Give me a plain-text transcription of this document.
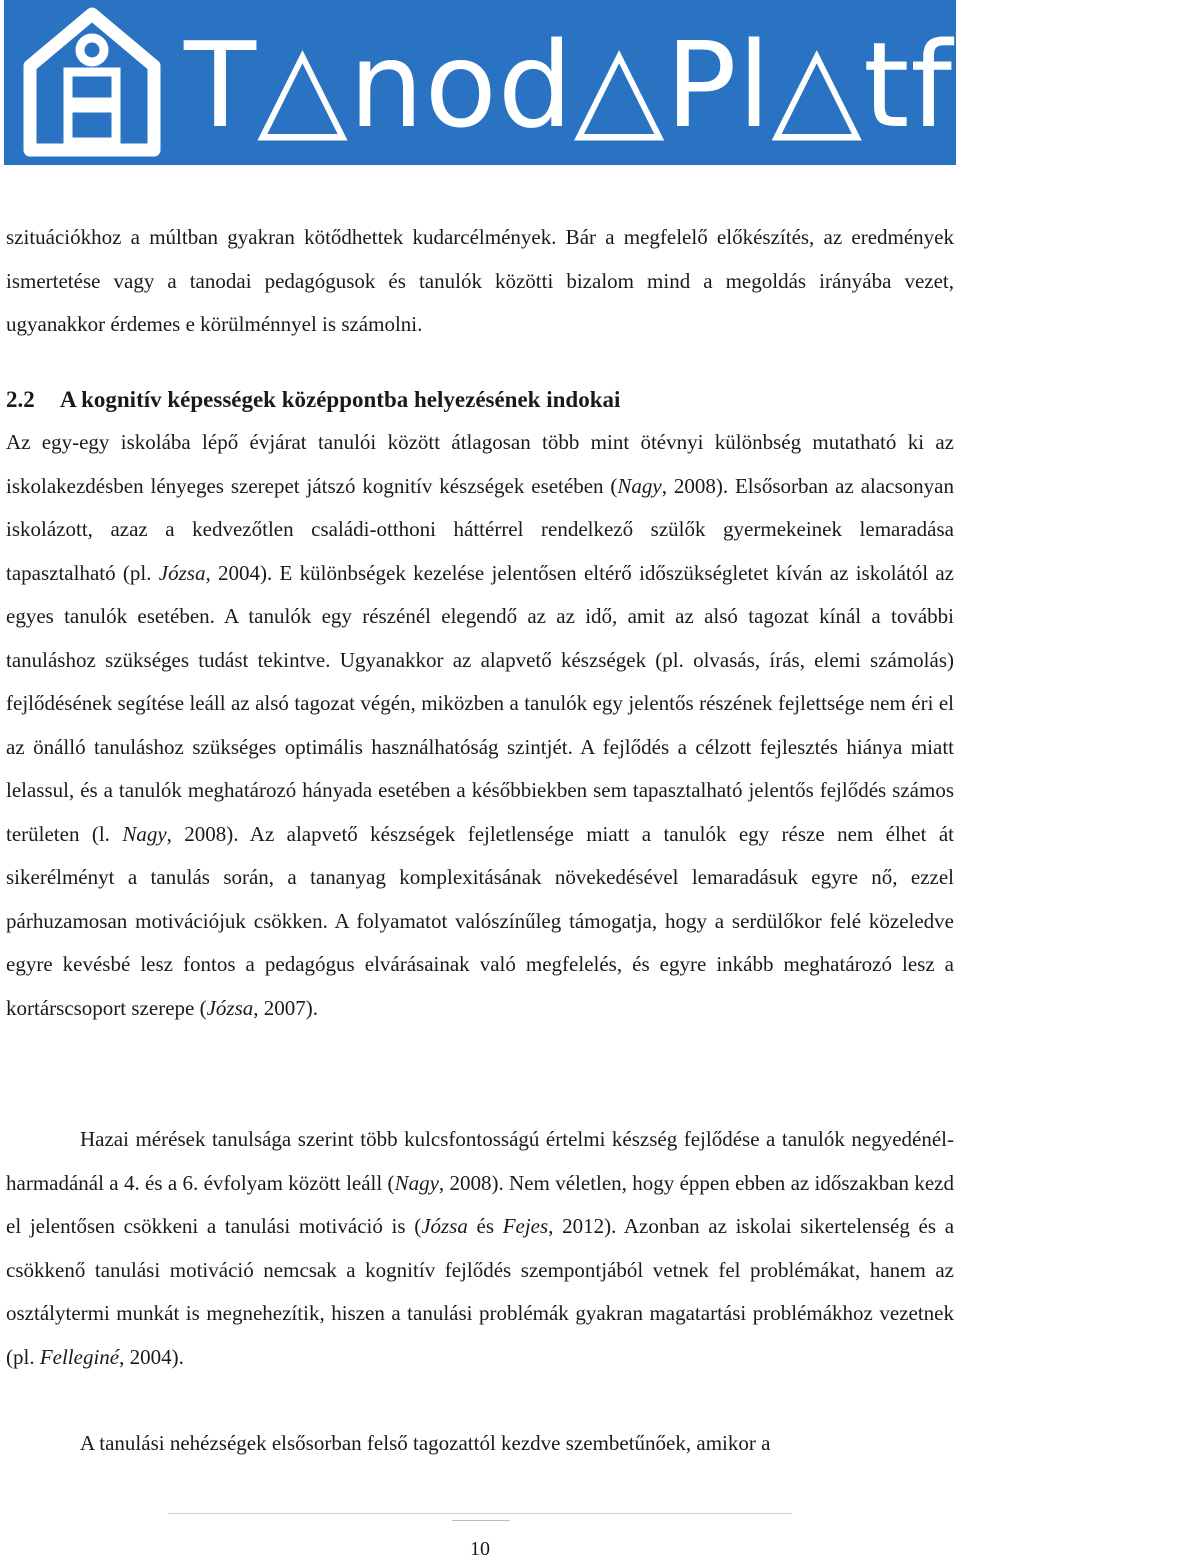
T△nod△Pl△tform

szituációkhoz a múltban gyakran kötődhettek kudarcélmények. Bár a megfelelő előkészítés, az eredmények ismertetése vagy a tanodai pedagógusok és tanulók közötti bizalom mind a megoldás irányába vezet, ugyanakkor érdemes e körülménnyel is számolni.

2.2 A kognitív képességek középpontba helyezésének indokai

Az egy-egy iskolába lépő évjárat tanulói között átlagosan több mint ötévnyi különbség mutatható ki az iskolakezdésben lényeges szerepet játszó kognitív készségek esetében (Nagy, 2008). Elsősorban az alacsonyan iskolázott, azaz a kedvezőtlen családi-otthoni háttérrel rendelkező szülők gyermekeinek lemaradása tapasztalható (pl. Józsa, 2004). E különbségek kezelése jelentősen eltérő időszükségletet kíván az iskolától az egyes tanulók esetében. A tanulók egy részénél elegendő az az idő, amit az alsó tagozat kínál a további tanuláshoz szükséges tudást tekintve. Ugyanakkor az alapvető készségek (pl. olvasás, írás, elemi számolás) fejlődésének segítése leáll az alsó tagozat végén, miközben a tanulók egy jelentős részének fejlettsége nem éri el az önálló tanuláshoz szükséges optimális használhatóság szintjét. A fejlődés a célzott fejlesztés hiánya miatt lelassul, és a tanulók meghatározó hányada esetében a későbbiekben sem tapasztalható jelentős fejlődés számos területen (l. Nagy, 2008). Az alapvető készségek fejletlensége miatt a tanulók egy része nem élhet át sikerélményt a tanulás során, a tananyag komplexitásának növekedésével lemaradásuk egyre nő, ezzel párhuzamosan motivációjuk csökken. A folyamatot valószínűleg támogatja, hogy a serdülőkor felé közeledve egyre kevésbé lesz fontos a pedagógus elvárásainak való megfelelés, és egyre inkább meghatározó lesz a kortárscsoport szerepe (Józsa, 2007).

Hazai mérések tanulsága szerint több kulcsfontosságú értelmi készség fejlődése a tanulók negyedénél-harmadánál a 4. és a 6. évfolyam között leáll (Nagy, 2008). Nem véletlen, hogy éppen ebben az időszakban kezd el jelentősen csökkeni a tanulási motiváció is (Józsa és Fejes, 2012). Azonban az iskolai sikertelenség és a csökkenő tanulási motiváció nemcsak a kognitív fejlődés szempontjából vetnek fel problémákat, hanem az osztálytermi munkát is megnehezítik, hiszen a tanulási problémák gyakran magatartási problémákhoz vezetnek (pl. Felleginé, 2004).

A tanulási nehézségek elsősorban felső tagozattól kezdve szembetűnőek, amikor a

10
